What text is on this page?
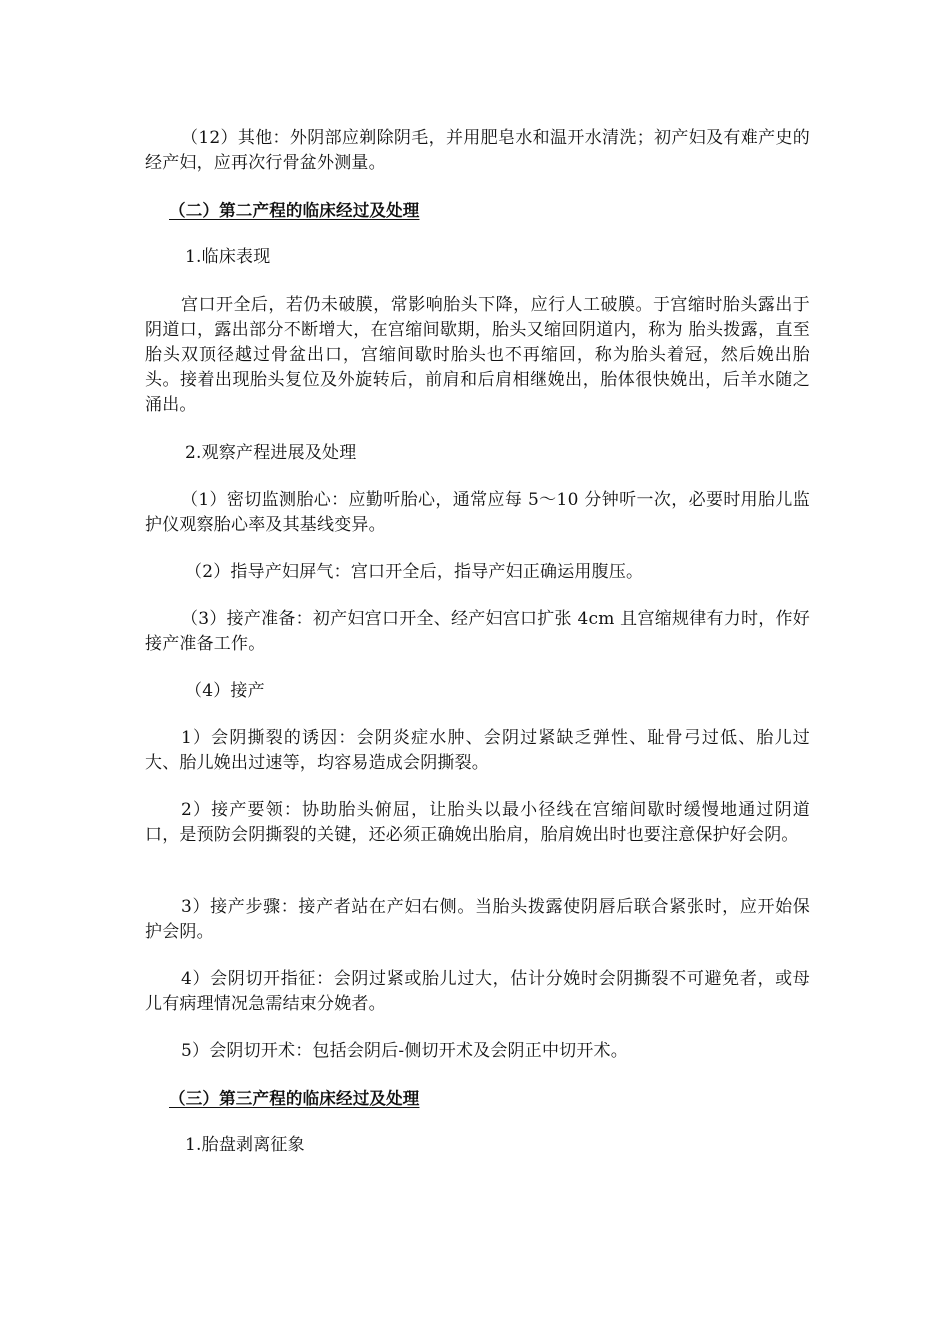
（12）其他：外阴部应剃除阴毛，并用肥皂水和温开水清洗；初产妇及有难产史的经产妇，应再次行骨盆外测量。

（二）第二产程的临床经过及处理

1.临床表现

宫口开全后，若仍未破膜，常影响胎头下降，应行人工破膜。于宫缩时胎头露出于阴道口，露出部分不断增大，在宫缩间歇期，胎头又缩回阴道内，称为 胎头拨露，直至胎头双顶径越过骨盆出口，宫缩间歇时胎头也不再缩回，称为胎头着冠，然后娩出胎头。接着出现胎头复位及外旋转后，前肩和后肩相继娩出，胎体很快娩出，后羊水随之涌出。

2.观察产程进展及处理

（1）密切监测胎心：应勤听胎心，通常应每 5～10 分钟听一次，必要时用胎儿监护仪观察胎心率及其基线变异。

（2）指导产妇屏气：宫口开全后，指导产妇正确运用腹压。

（3）接产准备：初产妇宫口开全、经产妇宫口扩张 4cm 且宫缩规律有力时，作好接产准备工作。

（4）接产

1）会阴撕裂的诱因：会阴炎症水肿、会阴过紧缺乏弹性、耻骨弓过低、胎儿过大、胎儿娩出过速等，均容易造成会阴撕裂。

2）接产要领：协助胎头俯屈，让胎头以最小径线在宫缩间歇时缓慢地通过阴道口，是预防会阴撕裂的关键，还必须正确娩出胎肩，胎肩娩出时也要注意保护好会阴。

3）接产步骤：接产者站在产妇右侧。当胎头拨露使阴唇后联合紧张时，应开始保护会阴。

4）会阴切开指征：会阴过紧或胎儿过大，估计分娩时会阴撕裂不可避免者，或母儿有病理情况急需结束分娩者。

5）会阴切开术：包括会阴后-侧切开术及会阴正中切开术。

（三）第三产程的临床经过及处理

1.胎盘剥离征象
